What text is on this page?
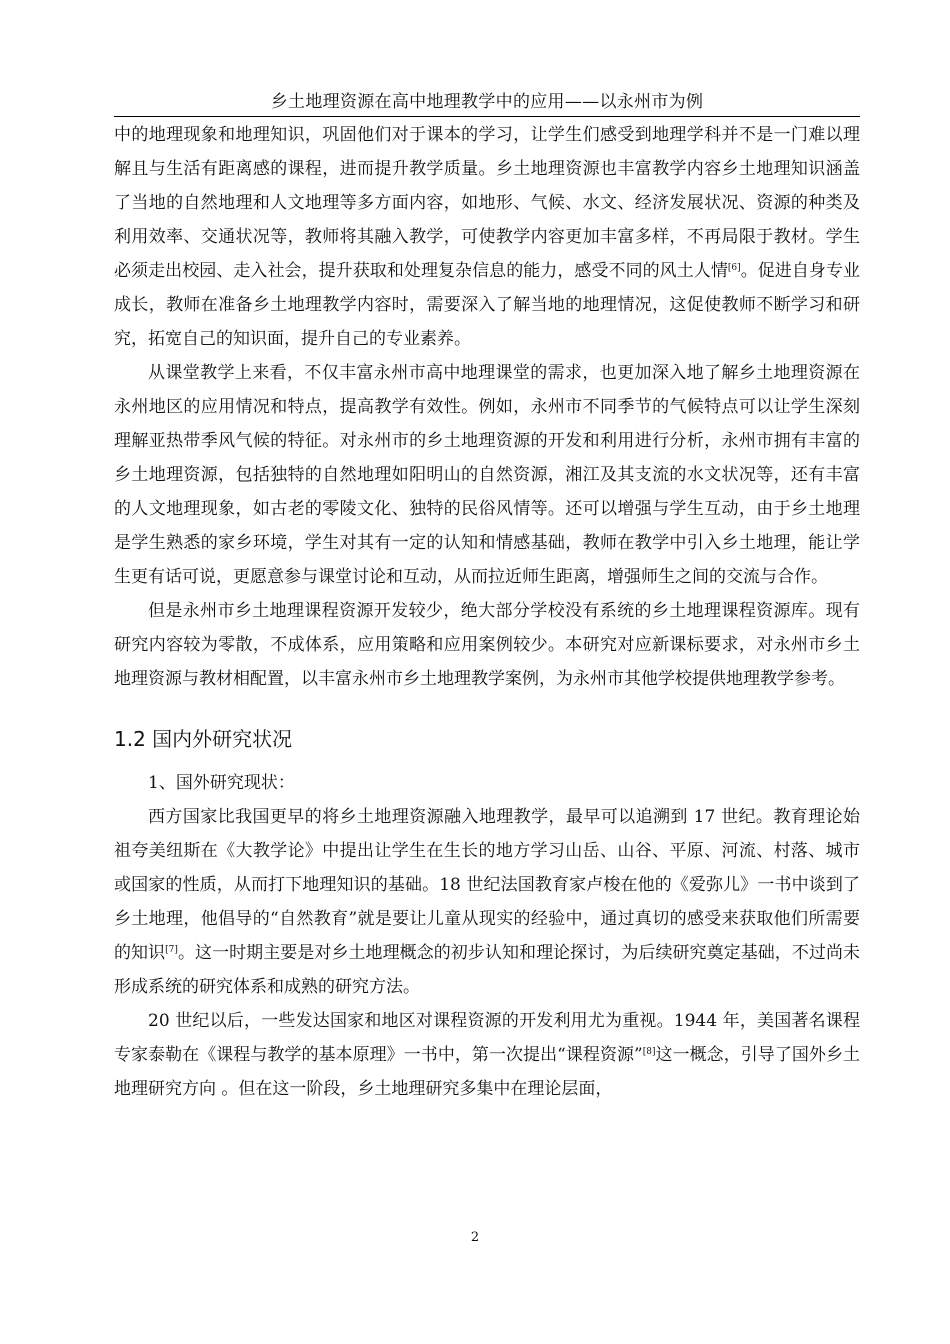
乡土地理资源在高中地理教学中的应用——以永州市为例

中的地理现象和地理知识，巩固他们对于课本的学习，让学生们感受到地理学科并不是一门难以理解且与生活有距离感的课程，进而提升教学质量。乡土地理资源也丰富教学内容乡土地理知识涵盖了当地的自然地理和人文地理等多方面内容，如地形、气候、水文、经济发展状况、资源的种类及利用效率、交通状况等，教师将其融入教学，可使教学内容更加丰富多样，不再局限于教材。学生必须走出校园、走入社会，提升获取和处理复杂信息的能力，感受不同的风土人情[6]。促进自身专业成长，教师在准备乡土地理教学内容时，需要深入了解当地的地理情况，这促使教师不断学习和研究，拓宽自己的知识面，提升自己的专业素养。

从课堂教学上来看，不仅丰富永州市高中地理课堂的需求，也更加深入地了解乡土地理资源在永州地区的应用情况和特点，提高教学有效性。例如，永州市不同季节的气候特点可以让学生深刻理解亚热带季风气候的特征。对永州市的乡土地理资源的开发和利用进行分析，永州市拥有丰富的乡土地理资源，包括独特的自然地理如阳明山的自然资源，湘江及其支流的水文状况等，还有丰富的人文地理现象，如古老的零陵文化、独特的民俗风情等。还可以增强与学生互动，由于乡土地理是学生熟悉的家乡环境，学生对其有一定的认知和情感基础，教师在教学中引入乡土地理，能让学生更有话可说，更愿意参与课堂讨论和互动，从而拉近师生距离，增强师生之间的交流与合作。

但是永州市乡土地理课程资源开发较少，绝大部分学校没有系统的乡土地理课程资源库。现有研究内容较为零散，不成体系，应用策略和应用案例较少。本研究对应新课标要求，对永州市乡土地理资源与教材相配置，以丰富永州市乡土地理教学案例，为永州市其他学校提供地理教学参考。

1.2 国内外研究状况

1、国外研究现状：

西方国家比我国更早的将乡土地理资源融入地理教学，最早可以追溯到 17 世纪。教育理论始祖夸美纽斯在《大教学论》中提出让学生在生长的地方学习山岳、山谷、平原、河流、村落、城市或国家的性质，从而打下地理知识的基础。18 世纪法国教育家卢梭在他的《爱弥儿》一书中谈到了乡土地理，他倡导的“自然教育”就是要让儿童从现实的经验中，通过真切的感受来获取他们所需要的知识[7]。这一时期主要是对乡土地理概念的初步认知和理论探讨，为后续研究奠定基础，不过尚未形成系统的研究体系和成熟的研究方法。

20 世纪以后，一些发达国家和地区对课程资源的开发利用尤为重视。1944 年，美国著名课程专家泰勒在《课程与教学的基本原理》一书中，第一次提出“课程资源”[8]这一概念，引导了国外乡土地理研究方向 。但在这一阶段，乡土地理研究多集中在理论层面，

2
